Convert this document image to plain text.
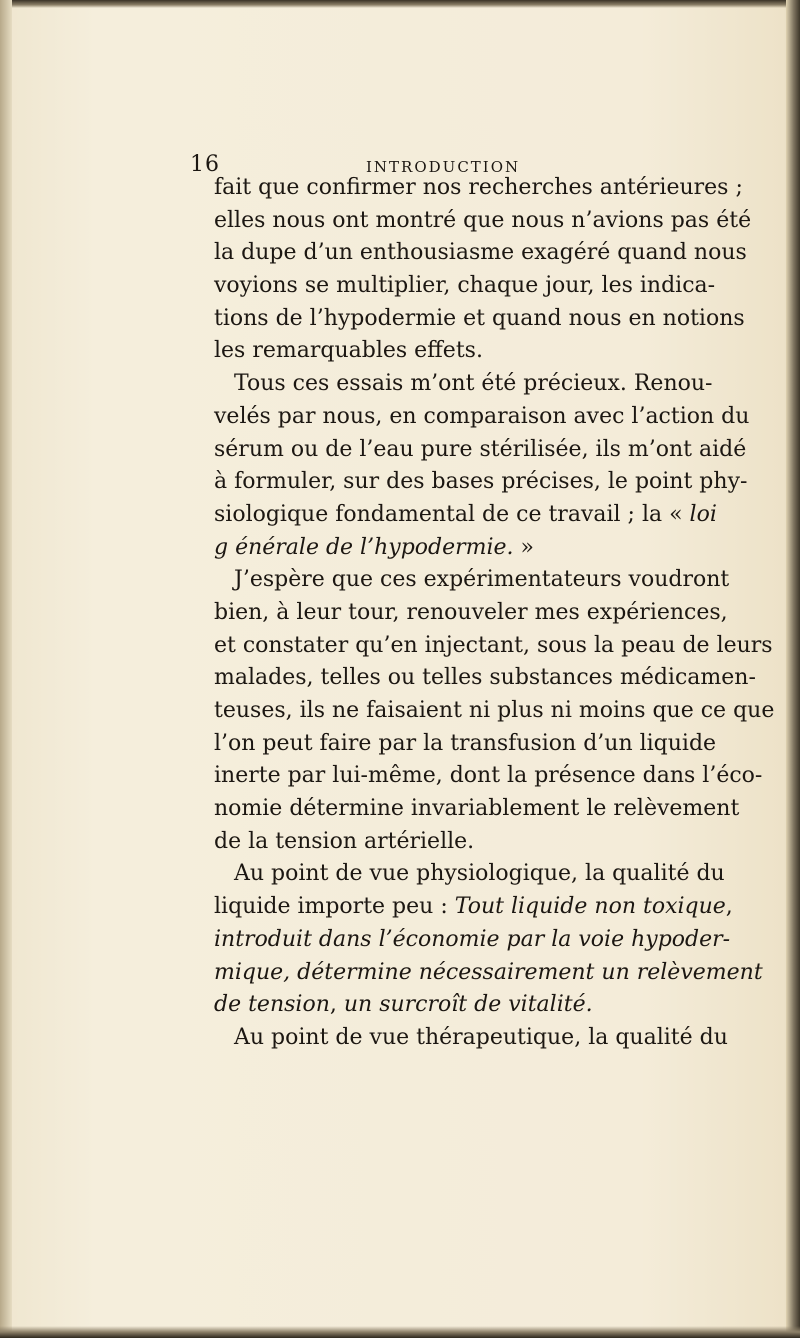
16	INTRODUCTION
fait que confirmer nos recherches antérieures ;
elles nous ont montré que nous n’avions pas été
la dupe d’un enthousiasme exagéré quand nous
voyions se multiplier, chaque jour, les indica-
tions de l’hypodermie et quand nous en notions
les remarquables effets.
Tous ces essais m’ont été précieux. Renou-
velés par nous, en comparaison avec l’action du
sérum ou de l’eau pure stérilisée, ils m’ont aidé
à formuler, sur des bases précises, le point phy-
siologique fondamental de ce travail ; la « loi
g énérale de l’hypodermie. »
J’espère que ces expérimentateurs voudront
bien, à leur tour, renouveler mes expériences,
et constater qu’en injectant, sous la peau de leurs
malades, telles ou telles substances médicamen-
teuses, ils ne faisaient ni plus ni moins que ce que
l’on peut faire par la transfusion d’un liquide
inerte par lui-même, dont la présence dans l’éco-
nomie détermine invariablement le relèvement
de la tension artérielle.
Au point de vue physiologique, la qualité du
liquide importe peu : Tout liquide non toxique,
introduit dans l’économie par la voie hypoder-
mique, détermine nécessairement un relèvement
de tension, un surcroît de vitalité.
Au point de vue thérapeutique, la qualité du
